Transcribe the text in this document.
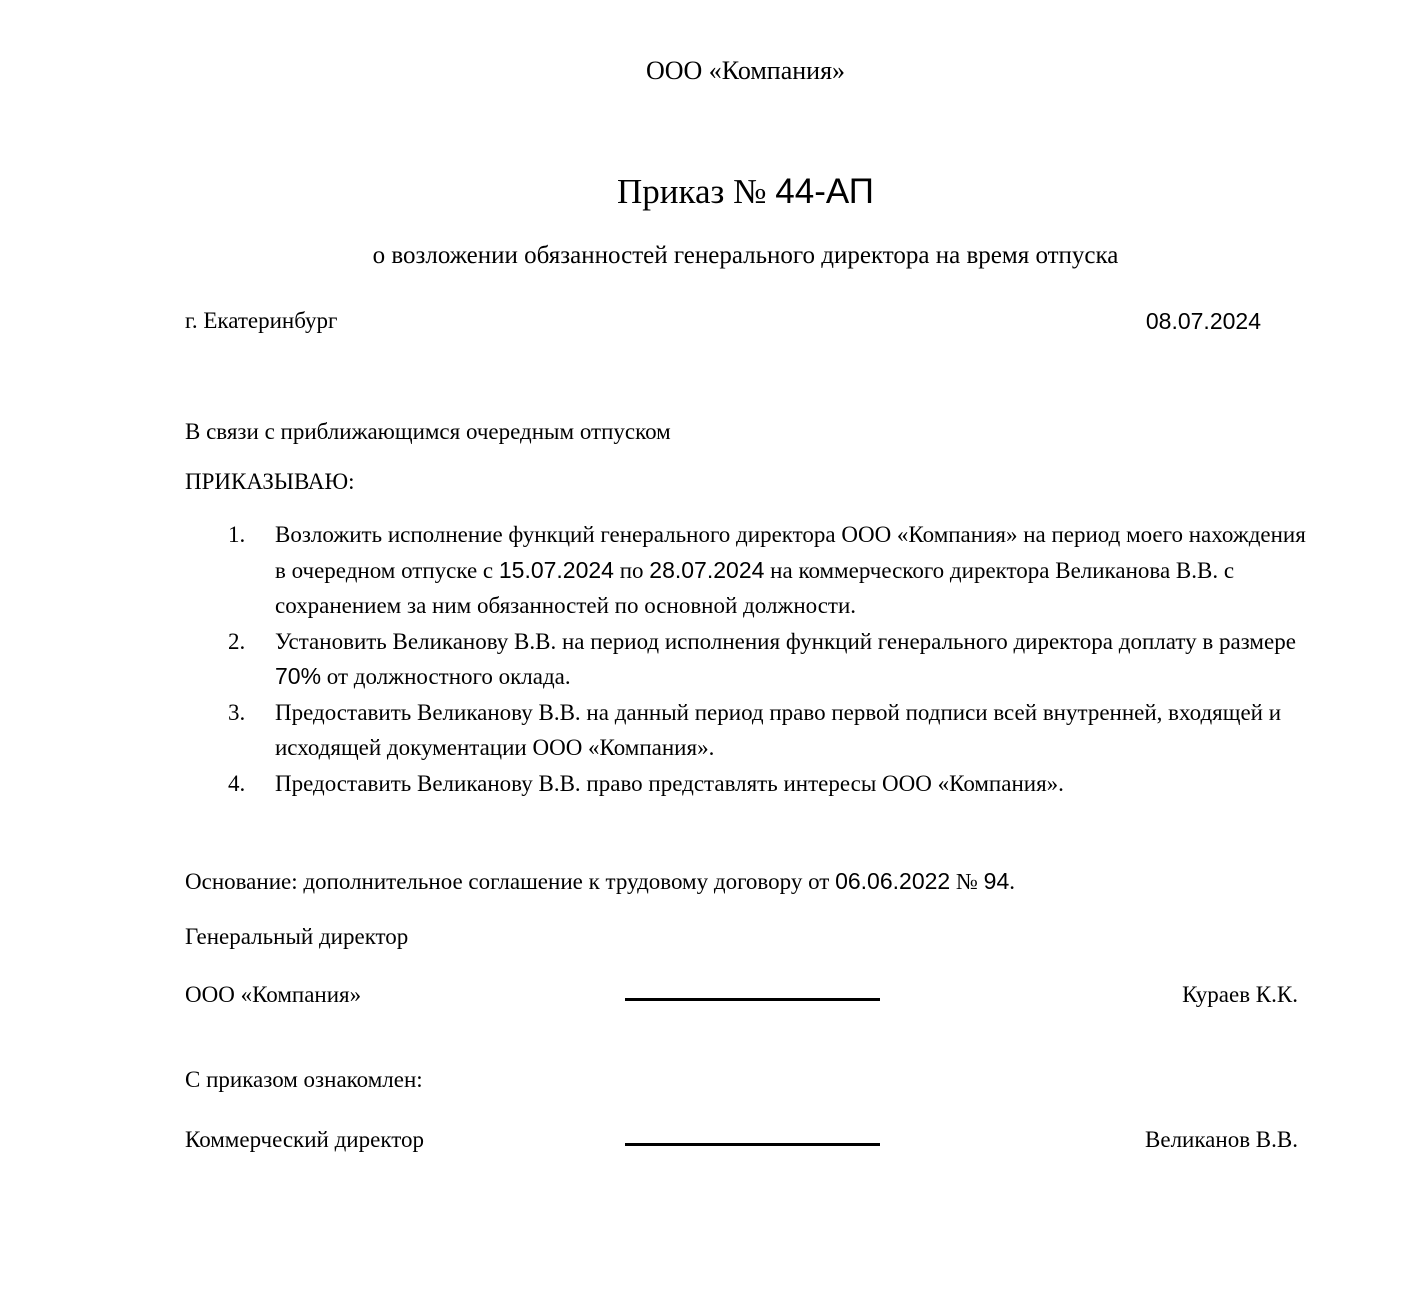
ООО «Компания»
Приказ № 44-АП
о возложении обязанностей генерального директора на время отпуска
г. Екатеринбург	08.07.2024
В связи с приближающимся очередным отпуском
ПРИКАЗЫВАЮ:
1.	Возложить исполнение функций генерального директора ООО «Компания» на период моего нахождения в очередном отпуске с 15.07.2024 по 28.07.2024 на коммерческого директора Великанова В.В. с сохранением за ним обязанностей по основной должности.
2.	Установить Великанову В.В. на период исполнения функций генерального директора доплату в размере 70% от должностного оклада.
3.	Предоставить Великанову В.В. на данный период право первой подписи всей внутренней, входящей и исходящей документации ООО «Компания».
4.	Предоставить Великанову В.В. право представлять интересы ООО «Компания».
Основание: дополнительное соглашение к трудовому договору от 06.06.2022 № 94.
Генеральный директор
ООО «Компания»	Кураев К.К.
С приказом ознакомлен:
Коммерческий директор	Великанов В.В.
